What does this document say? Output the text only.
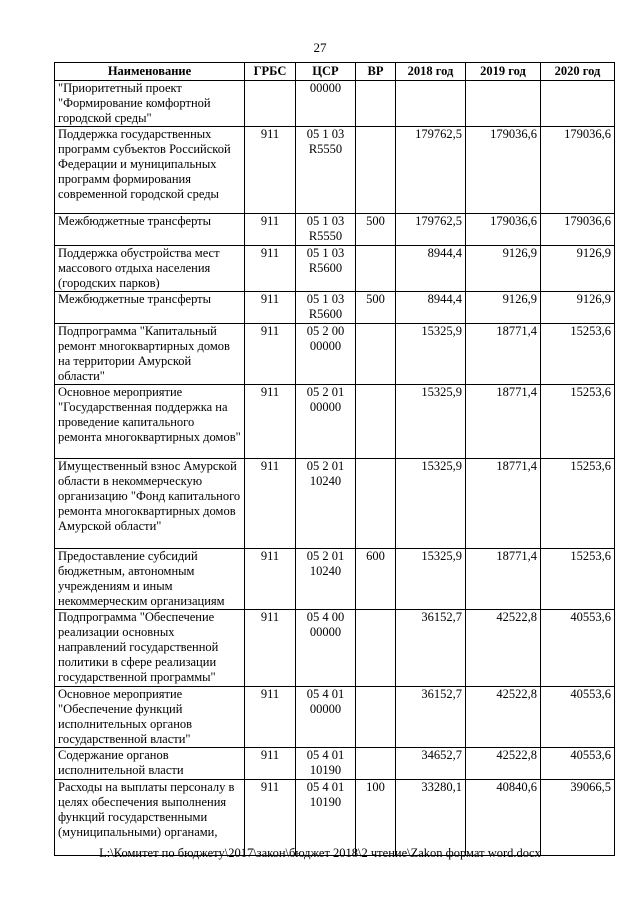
27
Наименование	ГРБС	ЦСР	ВР	2018 год	2019 год	2020 год
"Приоритетный проект "Формирование комфортной городской среды"		00000				
Поддержка государственных программ субъектов Российской Федерации и муниципальных программ формирования современной городской среды	911	05 1 03 R5550		179762,5	179036,6	179036,6
Межбюджетные трансферты	911	05 1 03 R5550	500	179762,5	179036,6	179036,6
Поддержка обустройства мест массового отдыха населения (городских парков)	911	05 1 03 R5600		8944,4	9126,9	9126,9
Межбюджетные трансферты	911	05 1 03 R5600	500	8944,4	9126,9	9126,9
Подпрограмма "Капитальный ремонт многоквартирных домов на территории Амурской области"	911	05 2 00 00000		15325,9	18771,4	15253,6
Основное мероприятие "Государственная поддержка на проведение капитального ремонта многоквартирных домов"	911	05 2 01 00000		15325,9	18771,4	15253,6
Имущественный взнос Амурской области в некоммерческую организацию "Фонд капитального ремонта многоквартирных домов Амурской области"	911	05 2 01 10240		15325,9	18771,4	15253,6
Предоставление субсидий бюджетным, автономным учреждениям и иным некоммерческим организациям	911	05 2 01 10240	600	15325,9	18771,4	15253,6
Подпрограмма "Обеспечение реализации основных направлений государственной политики в сфере реализации государственной программы"	911	05 4 00 00000		36152,7	42522,8	40553,6
Основное мероприятие "Обеспечение функций исполнительных органов государственной власти"	911	05 4 01 00000		36152,7	42522,8	40553,6
Содержание органов исполнительной власти	911	05 4 01 10190		34652,7	42522,8	40553,6
Расходы на выплаты персоналу в целях обеспечения выполнения функций государственными (муниципальными) органами,	911	05 4 01 10190	100	33280,1	40840,6	39066,5
L:\Комитет по бюджету\2017\закон\бюджет 2018\2 чтение\Zakon формат word.docx
